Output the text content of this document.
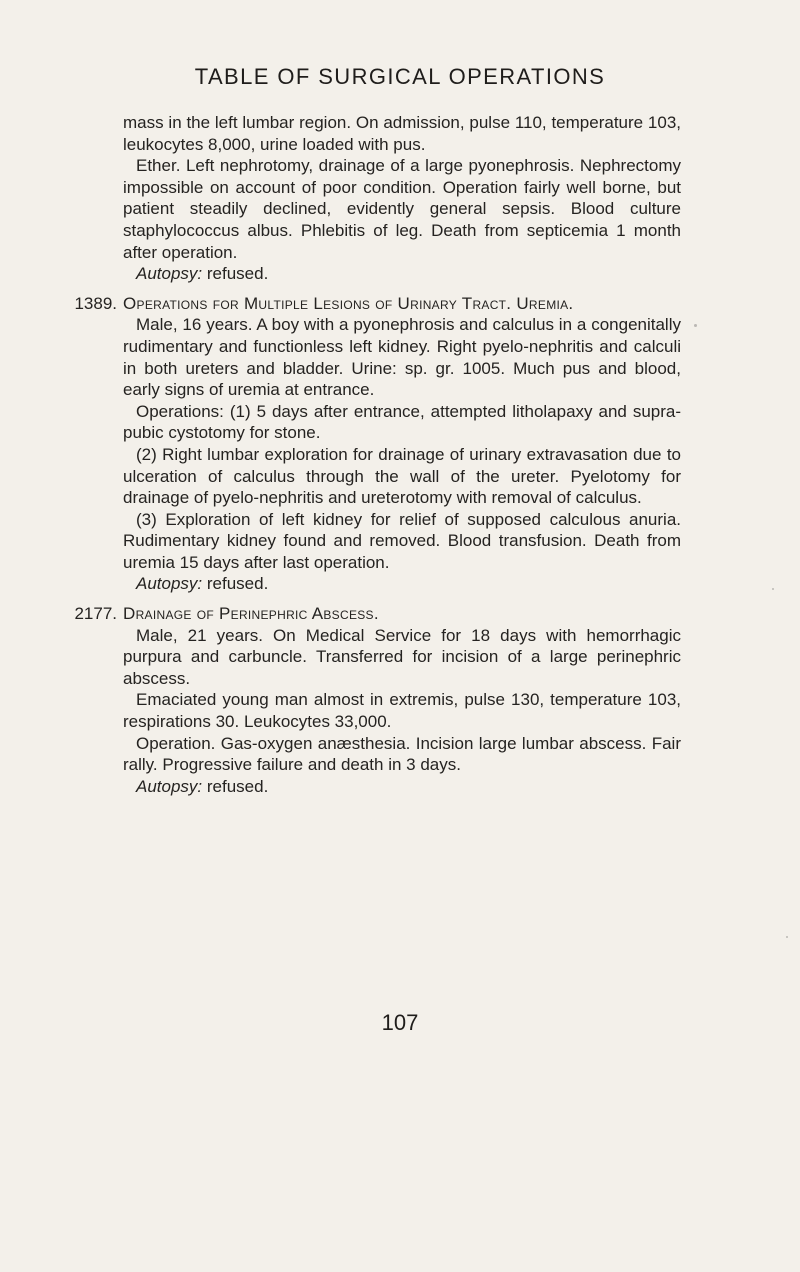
TABLE OF SURGICAL OPERATIONS

mass in the left lumbar region. On admission, pulse 110, temperature 103, leukocytes 8,000, urine loaded with pus.

Ether. Left nephrotomy, drainage of a large pyonephrosis. Nephrectomy impossible on account of poor condition. Operation fairly well borne, but patient steadily declined, evidently general sepsis. Blood culture staphylococcus albus. Phlebitis of leg. Death from septicemia 1 month after operation.

Autopsy: refused.

1389. Operations for Multiple Lesions of Urinary Tract. Uremia.

Male, 16 years. A boy with a pyonephrosis and calculus in a congenitally rudimentary and functionless left kidney. Right pyelo-nephritis and calculi in both ureters and bladder. Urine: sp. gr. 1005. Much pus and blood, early signs of uremia at entrance.

Operations: (1) 5 days after entrance, attempted litholapaxy and supra-pubic cystotomy for stone.

(2) Right lumbar exploration for drainage of urinary extravasation due to ulceration of calculus through the wall of the ureter. Pyelotomy for drainage of pyelo-nephritis and ureterotomy with removal of calculus.

(3) Exploration of left kidney for relief of supposed calculous anuria. Rudimentary kidney found and removed. Blood transfusion. Death from uremia 15 days after last operation.

Autopsy: refused.

2177. Drainage of Perinephric Abscess.

Male, 21 years. On Medical Service for 18 days with hemorrhagic purpura and carbuncle. Transferred for incision of a large perinephric abscess.

Emaciated young man almost in extremis, pulse 130, temperature 103, respirations 30. Leukocytes 33,000.

Operation. Gas-oxygen anæsthesia. Incision large lumbar abscess. Fair rally. Progressive failure and death in 3 days.

Autopsy: refused.

107
